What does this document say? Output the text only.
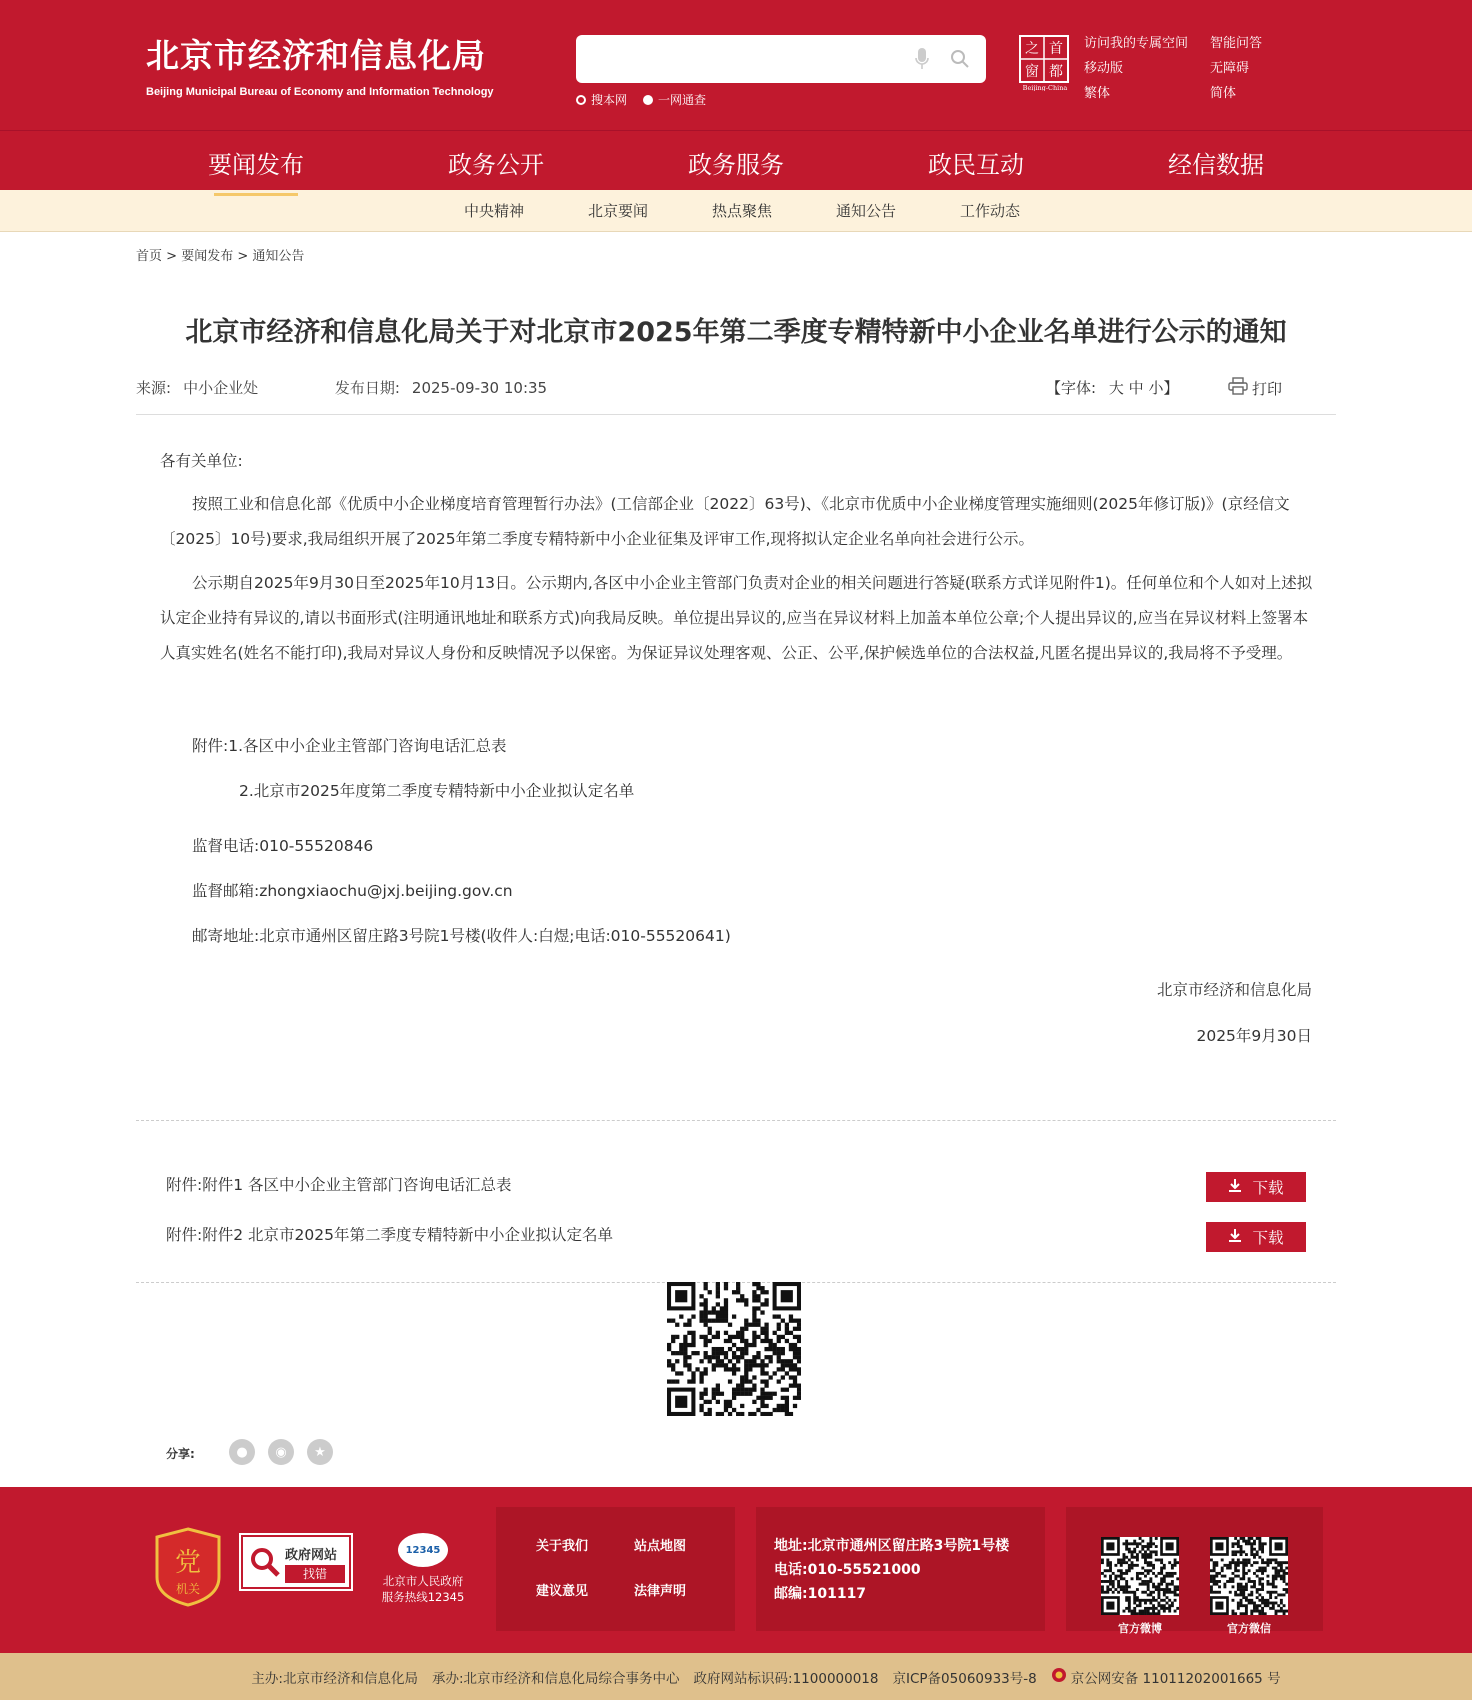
北京市经济和信息化局
Beijing Municipal Bureau of Economy and Information Technology
搜本网	一网通查
首
都
之
窗
Beijing-China
访问我的专属空间	智能问答
移动版	无障碍
繁体	简体
要闻发布	政务公开	政务服务	政民互动	经信数据
中央精神	北京要闻	热点聚焦	通知公告	工作动态
首页 > 要闻发布 > 通知公告
北京市经济和信息化局关于对北京市2025年第二季度专精特新中小企业名单进行公示的通知
来源: 中小企业处	发布日期: 2025-09-30 10:35	【字体: 大 中 小】	打印
各有关单位:
按照工业和信息化部《优质中小企业梯度培育管理暂行办法》(工信部企业〔2022〕63号)、《北京市优质中小企业梯度管理实施细则(2025年修订版)》(京经信文〔2025〕10号)要求,我局组织开展了2025年第二季度专精特新中小企业征集及评审工作,现将拟认定企业名单向社会进行公示。
公示期自2025年9月30日至2025年10月13日。公示期内,各区中小企业主管部门负责对企业的相关问题进行答疑(联系方式详见附件1)。任何单位和个人如对上述拟认定企业持有异议的,请以书面形式(注明通讯地址和联系方式)向我局反映。单位提出异议的,应当在异议材料上加盖本单位公章;个人提出异议的,应当在异议材料上签署本人真实姓名(姓名不能打印),我局对异议人身份和反映情况予以保密。为保证异议处理客观、公正、公平,保护候选单位的合法权益,凡匿名提出异议的,我局将不予受理。
附件:1.各区中小企业主管部门咨询电话汇总表
2.北京市2025年度第二季度专精特新中小企业拟认定名单
监督电话:010-55520846
监督邮箱:zhongxiaochu@jxj.beijing.gov.cn
邮寄地址:北京市通州区留庄路3号院1号楼(收件人:白煜;电话:010-55520641)
北京市经济和信息化局
2025年9月30日
附件:附件1 各区中小企业主管部门咨询电话汇总表	下载
附件:附件2 北京市2025年第二季度专精特新中小企业拟认定名单	下载
分享:	●	◉	★
党
机关
政府网站
找错
12345
北京市人民政府
服务热线12345
关于我们	站点地图
建议意见	法律声明
地址:北京市通州区留庄路3号院1号楼
电话:010-55521000
邮编:101117
官方微博	官方微信
主办:北京市经济和信息化局 承办:北京市经济和信息化局综合事务中心 政府网站标识码:1100000018 京ICP备05060933号-8	京公网安备 11011202001665 号
